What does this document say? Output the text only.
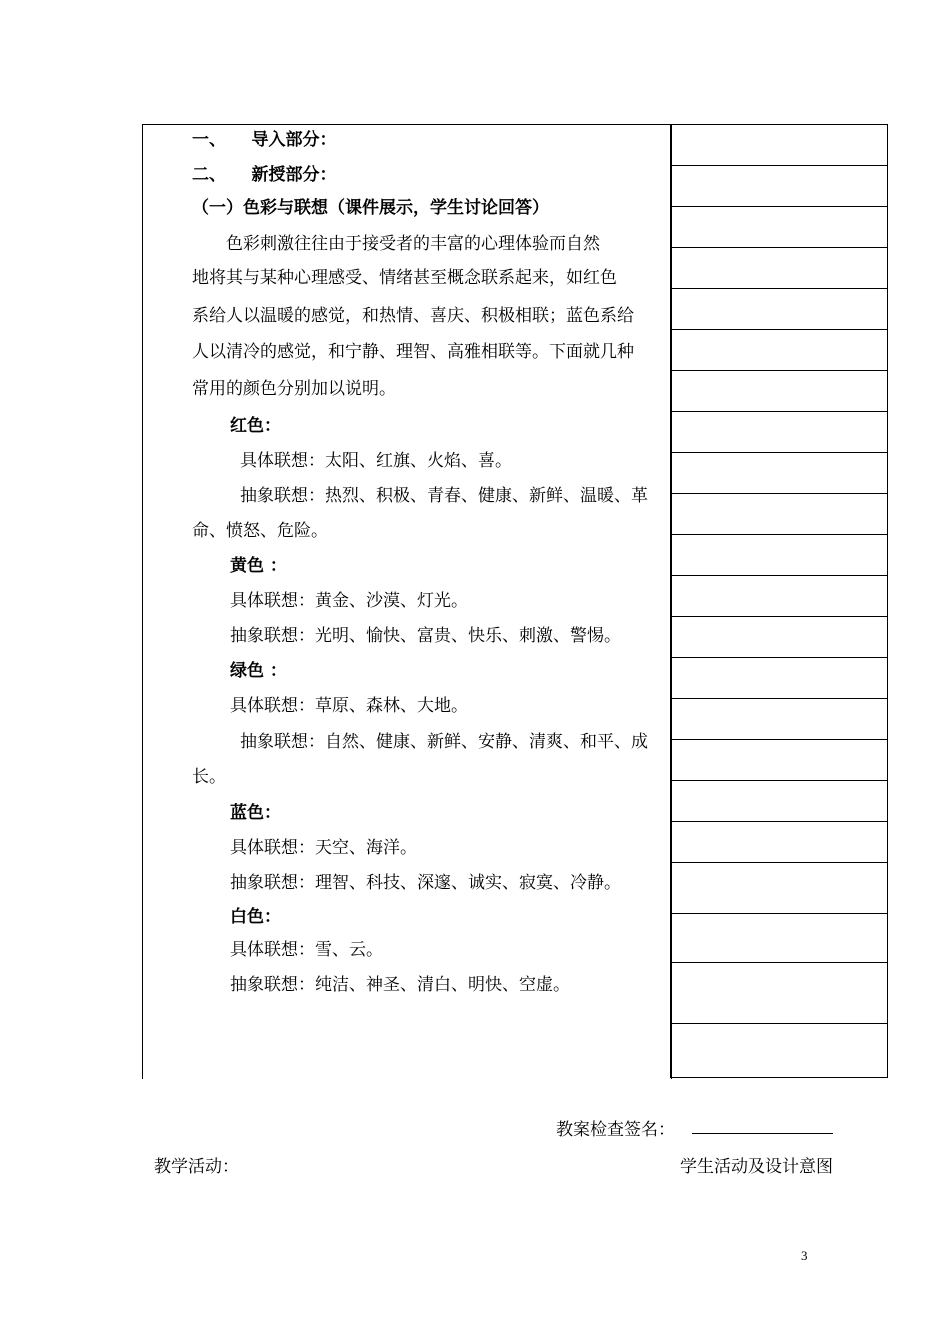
一、　　导入部分：
二、　　新授部分：
（一）色彩与联想（课件展示，学生讨论回答）
　　色彩刺激往往由于接受者的丰富的心理体验而自然
地将其与某种心理感受、情绪甚至概念联系起来，如红色
系给人以温暖的感觉，和热情、喜庆、积极相联；蓝色系给
人以清冷的感觉，和宁静、理智、高雅相联等。下面就几种
常用的颜色分别加以说明。
红色：
具体联想：太阳、红旗、火焰、喜。
抽象联想：热烈、积极、青春、健康、新鲜、温暖、革
命、愤怒、危险。
黄色 ：
具体联想：黄金、沙漠、灯光。
抽象联想：光明、愉快、富贵、快乐、刺激、警惕。
绿色 ：
具体联想：草原、森林、大地。
抽象联想：自然、健康、新鲜、安静、清爽、和平、成
长。
蓝色：
具体联想：天空、海洋。
抽象联想：理智、科技、深邃、诚实、寂寞、冷静。
白色：
具体联想：雪、云。
抽象联想：纯洁、神圣、清白、明快、空虚。
教案检查签名：
教学活动：	学生活动及设计意图
3
